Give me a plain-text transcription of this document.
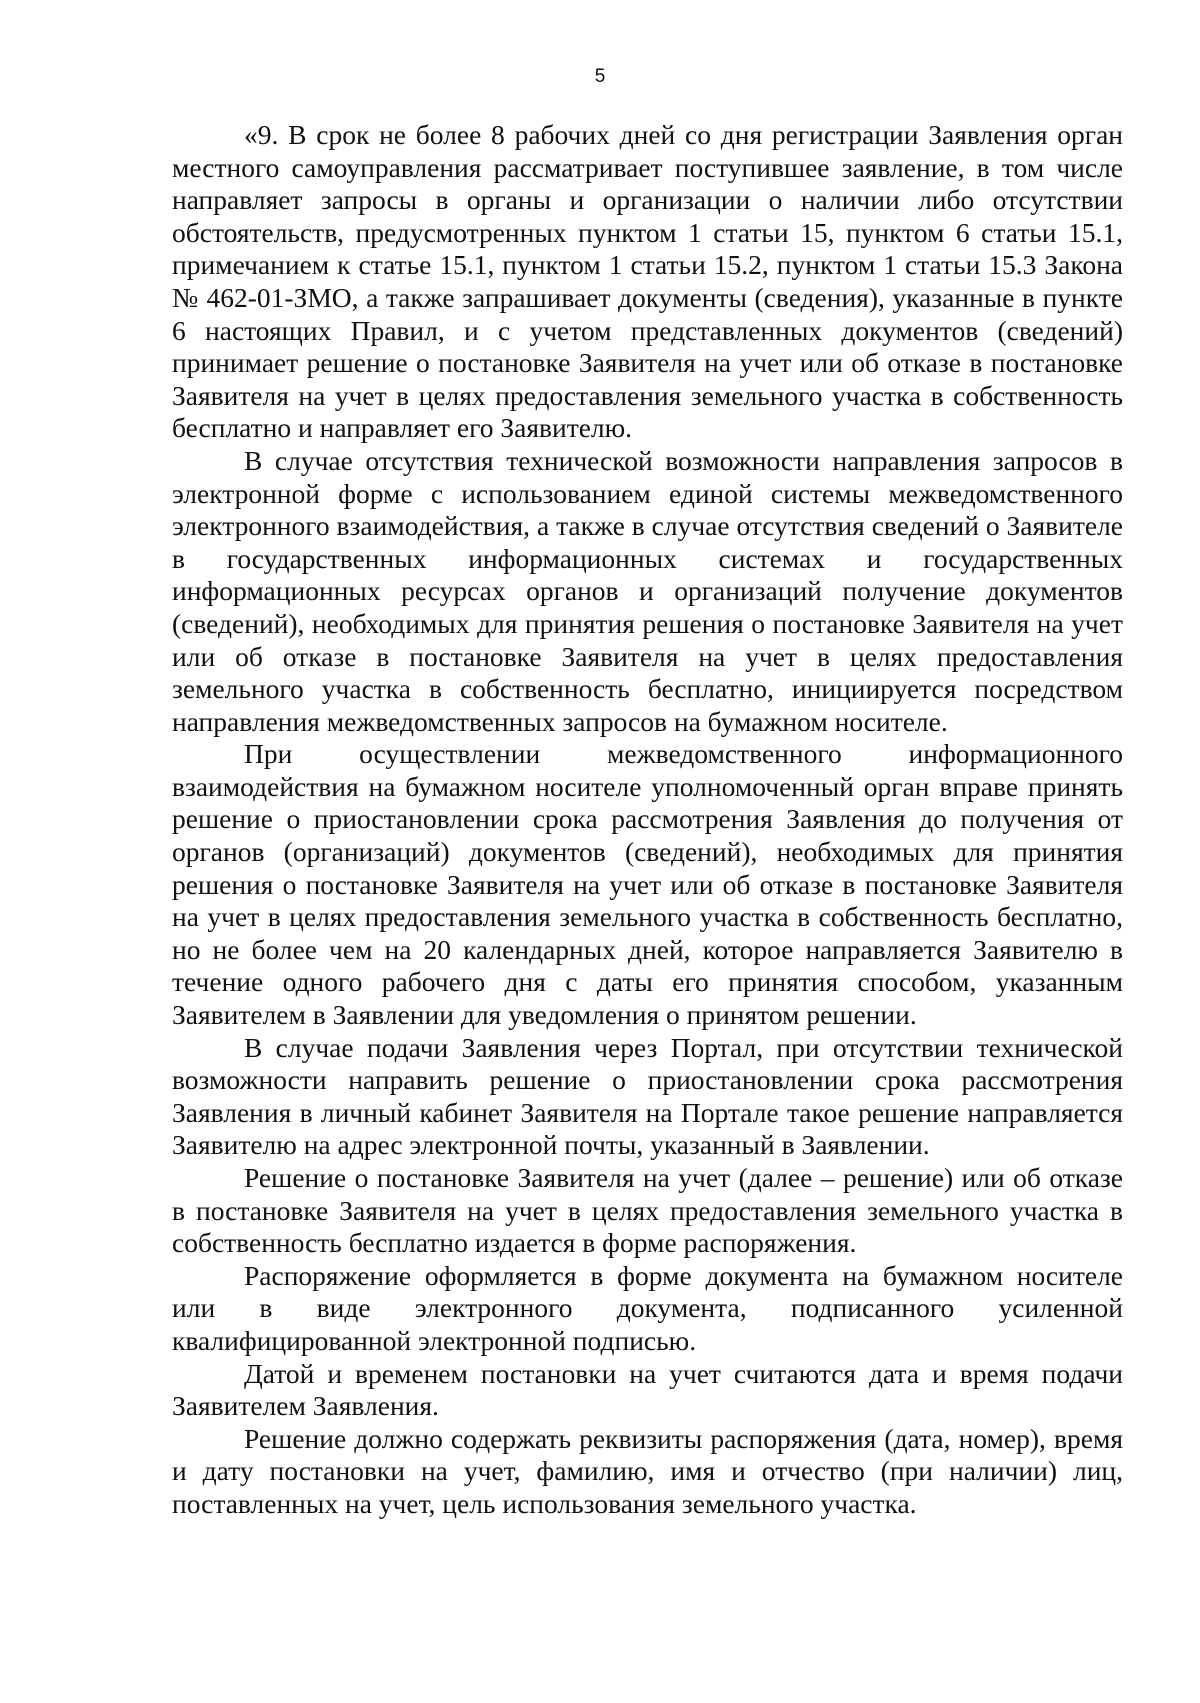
5

«9. В срок не более 8 рабочих дней со дня регистрации Заявления орган местного самоуправления рассматривает поступившее заявление, в том числе направляет запросы в органы и организации о наличии либо отсутствии обстоятельств, предусмотренных пунктом 1 статьи 15, пунктом 6 статьи 15.1, примечанием к статье 15.1, пунктом 1 статьи 15.2, пунктом 1 статьи 15.3 Закона № 462-01-ЗМО, а также запрашивает документы (сведения), указанные в пункте 6 настоящих Правил, и с учетом представленных документов (сведений) принимает решение о постановке Заявителя на учет или об отказе в постановке Заявителя на учет в целях предоставления земельного участка в собственность бесплатно и направляет его Заявителю.

В случае отсутствия технической возможности направления запросов в электронной форме с использованием единой системы межведомственного электронного взаимодействия, а также в случае отсутствия сведений о Заявителе в государственных информационных системах и государственных информационных ресурсах органов и организаций получение документов (сведений), необходимых для принятия решения о постановке Заявителя на учет или об отказе в постановке Заявителя на учет в целях предоставления земельного участка в собственность бесплатно, инициируется посредством направления межведомственных запросов на бумажном носителе.

При осуществлении межведомственного информационного взаимодействия на бумажном носителе уполномоченный орган вправе принять решение о приостановлении срока рассмотрения Заявления до получения от органов (организаций) документов (сведений), необходимых для принятия решения о постановке Заявителя на учет или об отказе в постановке Заявителя на учет в целях предоставления земельного участка в собственность бесплатно, но не более чем на 20 календарных дней, которое направляется Заявителю в течение одного рабочего дня с даты его принятия способом, указанным Заявителем в Заявлении для уведомления о принятом решении.

В случае подачи Заявления через Портал, при отсутствии технической возможности направить решение о приостановлении срока рассмотрения Заявления в личный кабинет Заявителя на Портале такое решение направляется Заявителю на адрес электронной почты, указанный в Заявлении.

Решение о постановке Заявителя на учет (далее – решение) или об отказе в постановке Заявителя на учет в целях предоставления земельного участка в собственность бесплатно издается в форме распоряжения.

Распоряжение оформляется в форме документа на бумажном носителе или в виде электронного документа, подписанного усиленной квалифицированной электронной подписью.

Датой и временем постановки на учет считаются дата и время подачи Заявителем Заявления.

Решение должно содержать реквизиты распоряжения (дата, номер), время и дату постановки на учет, фамилию, имя и отчество (при наличии) лиц, поставленных на учет, цель использования земельного участка.
